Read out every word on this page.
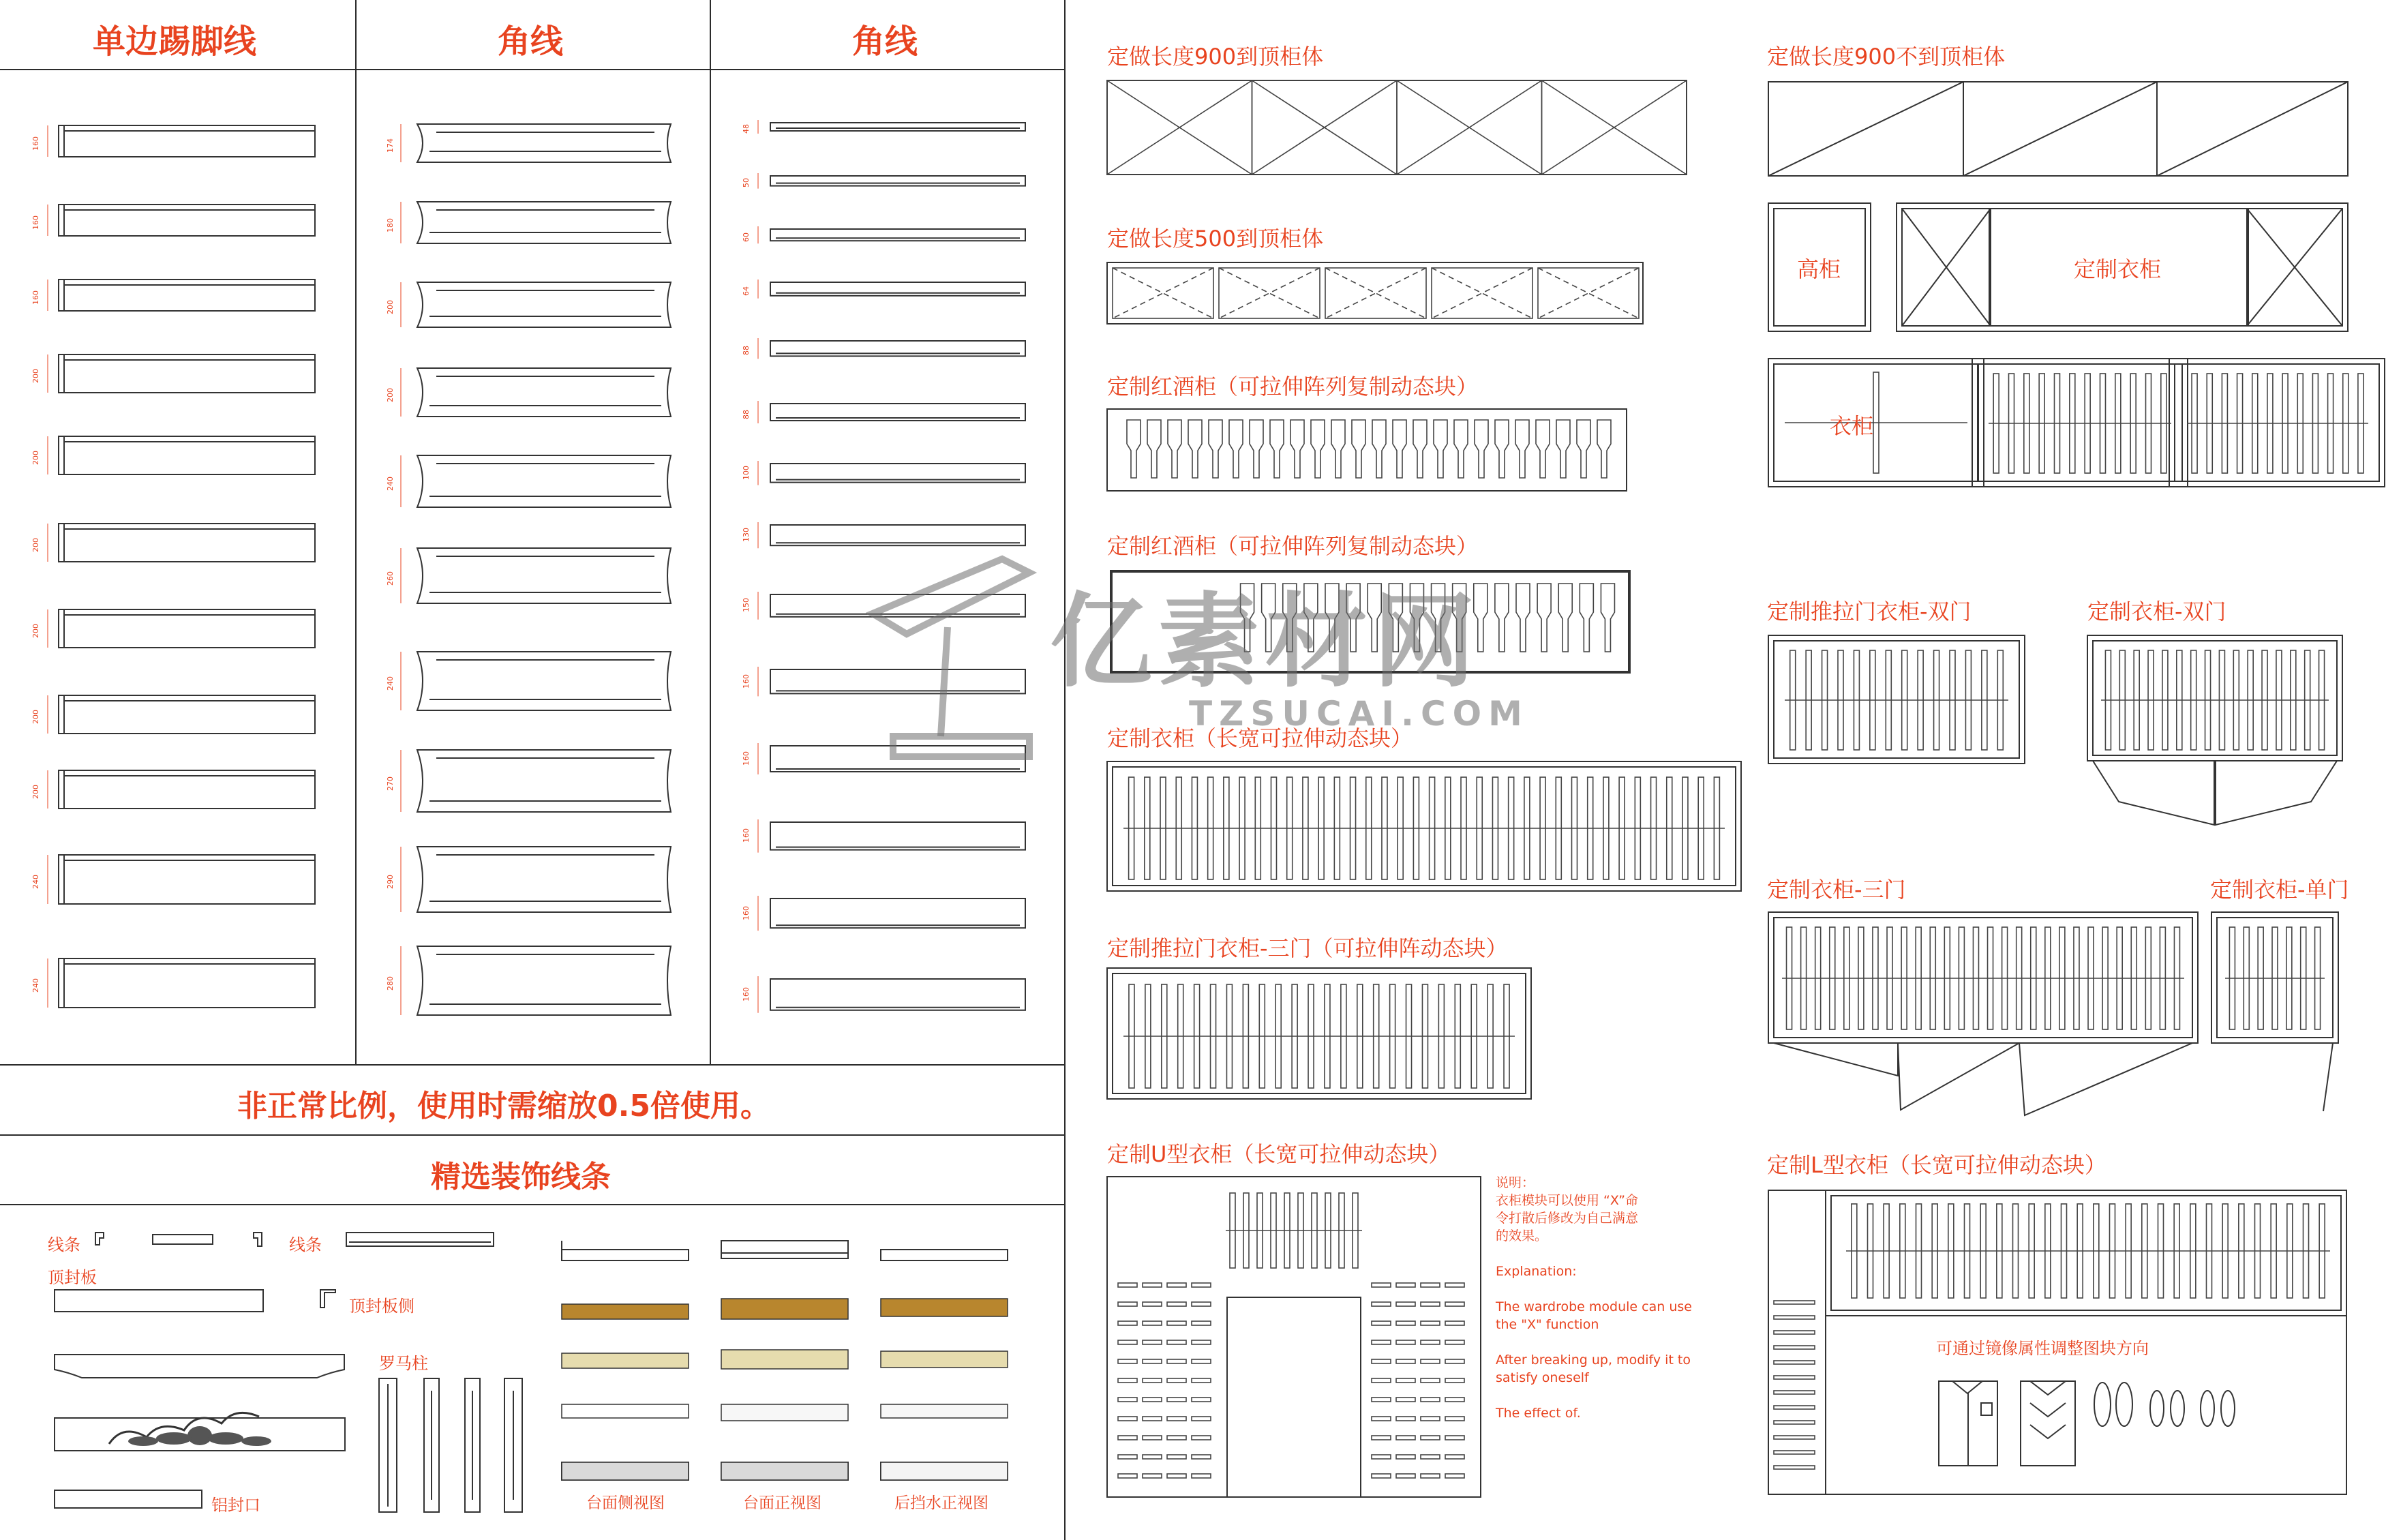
单边踢脚线	角线	角线
160
160
160
200
200
200
200
200
200
240
240
174
180
200
200
240
260
240
270
290
280
48
50
60
64
88
88
100
130
150
160
160
160
160
160
非正常比例，使用时需缩放0.5倍使用。
精选装饰线条
线条	线条
顶封板
顶封板侧
罗马柱
铝封口	台面侧视图	台面正视图	后挡水正视图
定做长度900到顶柜体
定做长度500到顶柜体
定制红酒柜（可拉伸阵列复制动态块）
定制红酒柜（可拉伸阵列复制动态块）
定制衣柜（长宽可拉伸动态块）
定制推拉门衣柜-三门（可拉伸阵动态块）
定制U型衣柜（长宽可拉伸动态块）
定做长度900不到顶柜体
高柜	定制衣柜
衣柜
定制推拉门衣柜-双门	定制衣柜-双门
定制衣柜-三门	定制衣柜-单门
定制L型衣柜（长宽可拉伸动态块）
可通过镜像属性调整图块方向
说明：
衣柜模块可以使用 “X”命
令打散后修改为自己满意
的效果。
Explanation:
The wardrobe module can use
the "X" function
After breaking up, modify it to
satisfy oneself
The effect of.
亿素材网
TZSUCAI.COM
